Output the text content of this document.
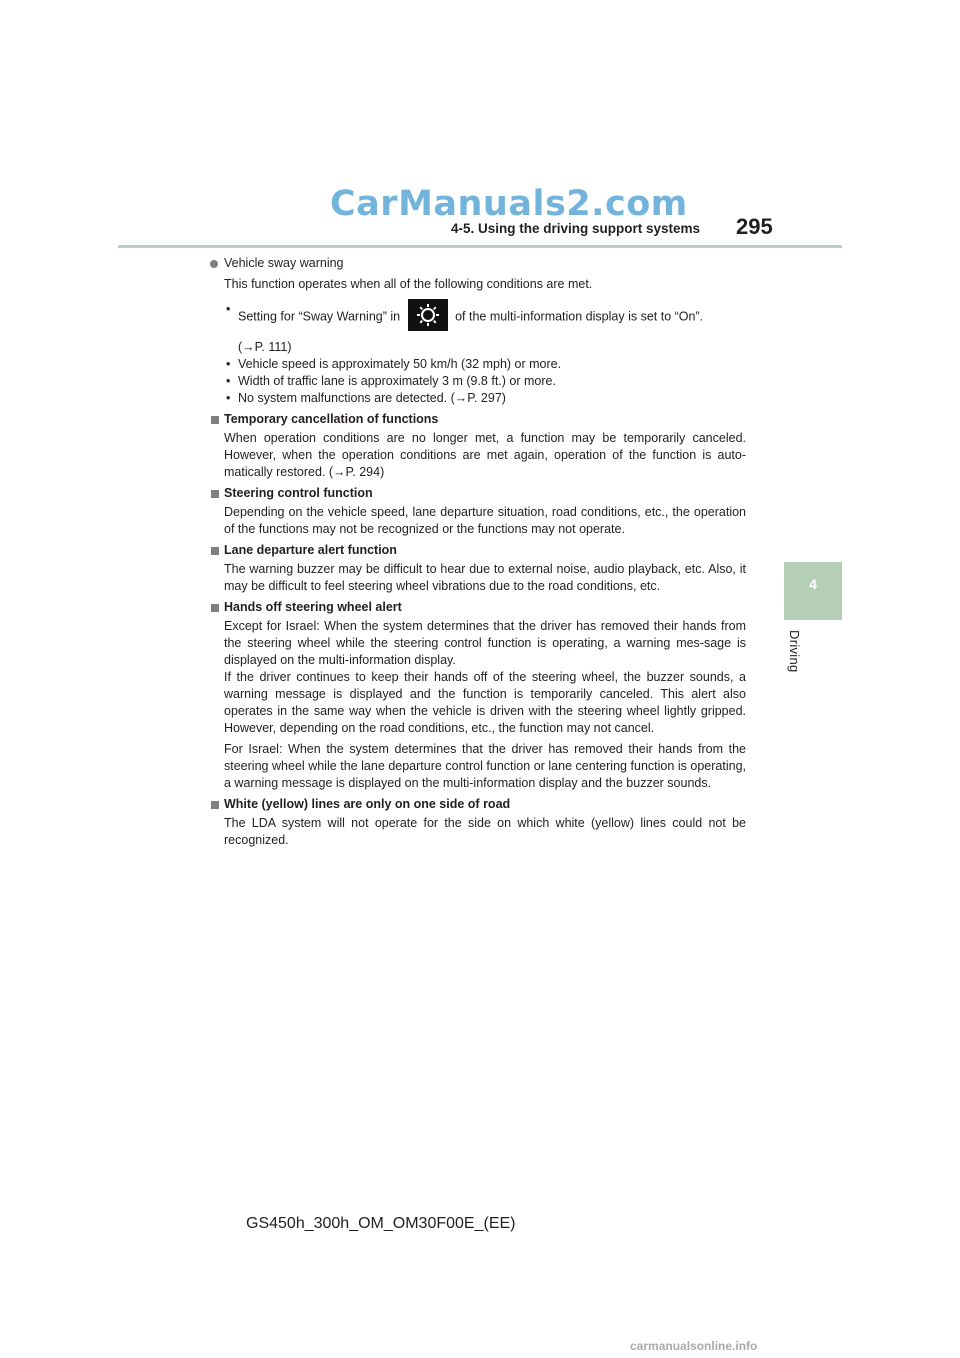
CarManuals2.com
4-5. Using the driving support systems 295
4
Driving
Vehicle sway warning

This function operates when all of the following conditions are met.

•
Setting for “Sway Warning” in	of the multi-information display is set to “On”.
(→P. 111)
• Vehicle speed is approximately 50 km/h (32 mph) or more.
• Width of traffic lane is approximately 3 m (9.8 ft.) or more.
• No system malfunctions are detected. (→P. 297)
Temporary cancellation of functions

When operation conditions are no longer met, a function may be temporarily canceled. However, when the operation conditions are met again, operation of the function is auto-matically restored. (→P. 294)

Steering control function

Depending on the vehicle speed, lane departure situation, road conditions, etc., the operation of the functions may not be recognized or the functions may not operate.

Lane departure alert function

The warning buzzer may be difficult to hear due to external noise, audio playback, etc. Also, it may be difficult to feel steering wheel vibrations due to the road conditions, etc.

Hands off steering wheel alert

Except for Israel: When the system determines that the driver has removed their hands from the steering wheel while the steering control function is operating, a warning mes-sage is displayed on the multi-information display.

If the driver continues to keep their hands off of the steering wheel, the buzzer sounds, a warning message is displayed and the function is temporarily canceled. This alert also operates in the same way when the vehicle is driven with the steering wheel lightly gripped. However, depending on the road conditions, etc., the function may not cancel.

For Israel: When the system determines that the driver has removed their hands from the steering wheel while the lane departure control function or lane centering function is operating, a warning message is displayed on the multi-information display and the buzzer sounds.

White (yellow) lines are only on one side of road

The LDA system will not operate for the side on which white (yellow) lines could not be recognized.

GS450h_300h_OM_OM30F00E_(EE)
carmanualsonline.info
